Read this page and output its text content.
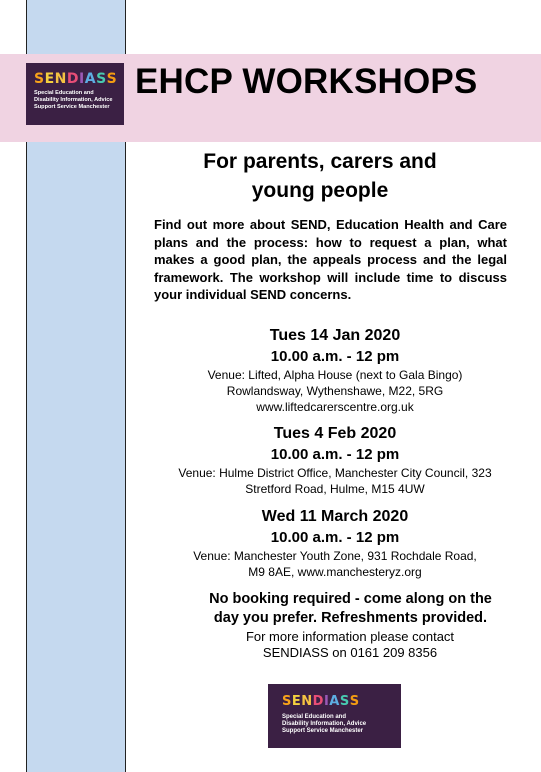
SENDIASS
Special Education and
Disability Information, Advice
Support Service Manchester
EHCP WORKSHOPS
For parents, carers and
young people
Find out more about SEND, Education Health and Care plans and the process: how to request a plan, what makes a good plan, the appeals process and the legal framework. The workshop will include time to discuss your individual SEND concerns.
Tues 14 Jan 2020
10.00 a.m. - 12 pm
Venue: Lifted, Alpha House (next to Gala Bingo)
Rowlandsway, Wythenshawe, M22, 5RG
www.liftedcarerscentre.org.uk
Tues 4 Feb 2020
10.00 a.m. - 12 pm
Venue: Hulme District Office, Manchester City Council, 323
Stretford Road, Hulme, M15 4UW
Wed 11 March 2020
10.00 a.m. - 12 pm
Venue: Manchester Youth Zone, 931 Rochdale Road,
M9 8AE, www.manchesteryz.org
No booking required - come along on the
day you prefer. Refreshments provided.
For more information please contact
SENDIASS on 0161 209 8356
SENDIASS
Special Education and
Disability Information, Advice
Support Service Manchester
